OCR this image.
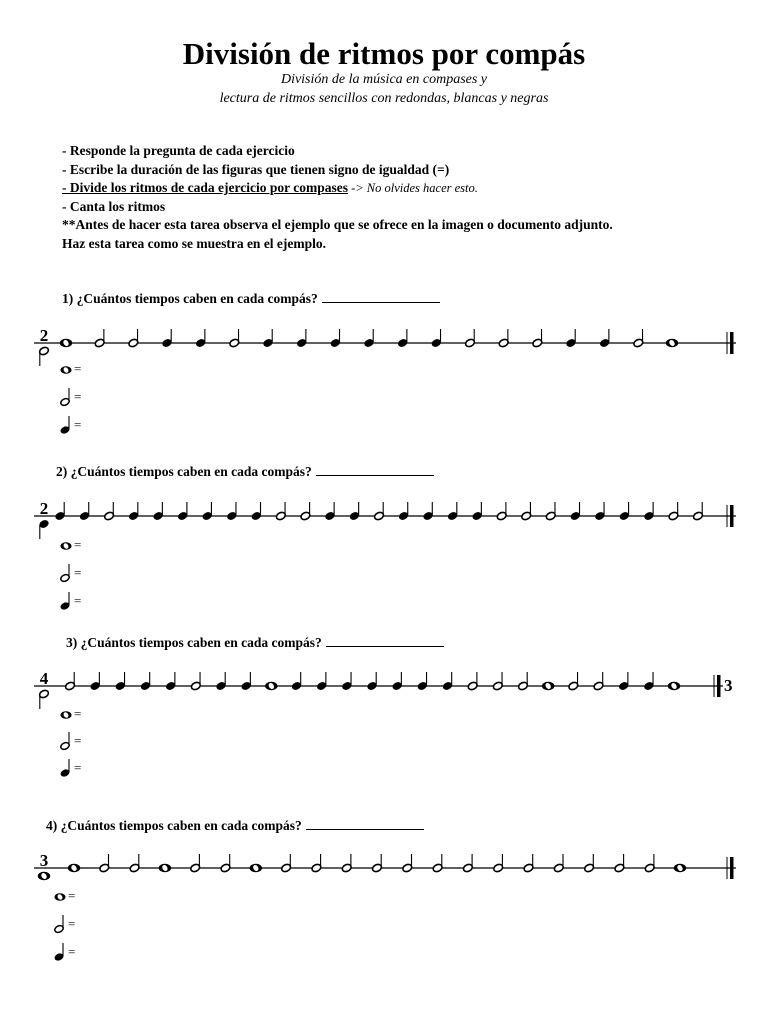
División de ritmos por compás
División de la música en compases y
lectura de ritmos sencillos con redondas, blancas y negras
- Responde la pregunta de cada ejercicio
- Escribe la duración de las figuras que tienen signo de igualdad (=)
- Divide los ritmos de cada ejercicio por compases -> No olvides hacer esto.
- Canta los ritmos
**Antes de hacer esta tarea observa el ejemplo que se ofrece en la imagen o documento adjunto.
Haz esta tarea como se muestra en el ejemplo.
1) ¿Cuántos tiempos caben en cada compás?
2
=
=
=
2) ¿Cuántos tiempos caben en cada compás?
2
=
=
=
3) ¿Cuántos tiempos caben en cada compás?
4	3
=
=
=
4) ¿Cuántos tiempos caben en cada compás?
3
=
=
=
